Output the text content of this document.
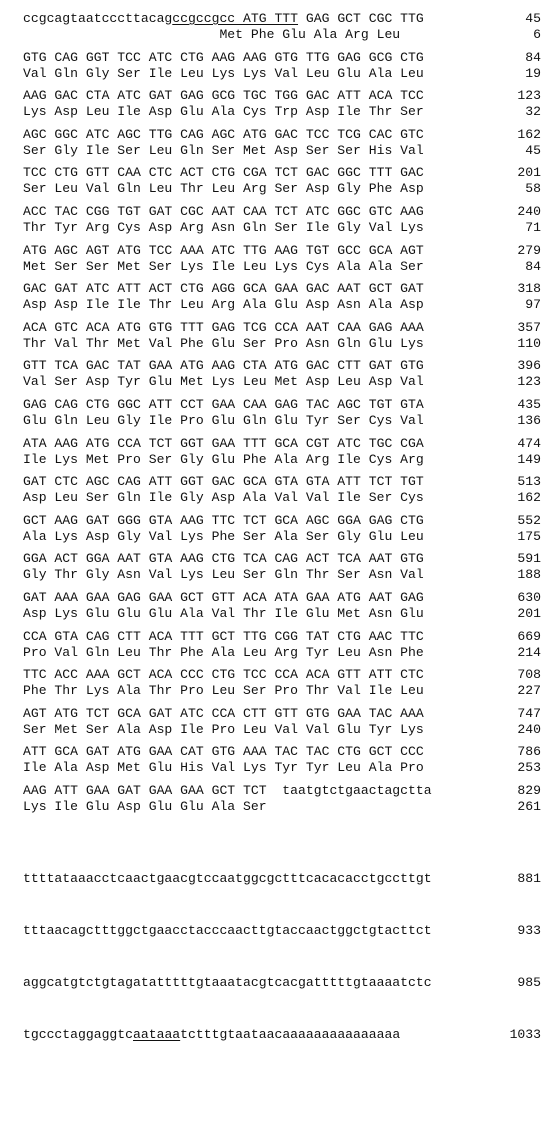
ccgcagtaatcccttacagccgccgcc ATG TTT GAG GCT CGC TTG	45
Met Phe Glu Ala Arg Leu	6
GTG CAG GGT TCC ATC CTG AAG AAG GTG TTG GAG GCG CTG	84
Val Gln Gly Ser Ile Leu Lys Lys Val Leu Glu Ala Leu	19
AAG GAC CTA ATC GAT GAG GCG TGC TGG GAC ATT ACA TCC	123
Lys Asp Leu Ile Asp Glu Ala Cys Trp Asp Ile Thr Ser	32
AGC GGC ATC AGC TTG CAG AGC ATG GAC TCC TCG CAC GTC	162
Ser Gly Ile Ser Leu Gln Ser Met Asp Ser Ser His Val	45
TCC CTG GTT CAA CTC ACT CTG CGA TCT GAC GGC TTT GAC	201
Ser Leu Val Gln Leu Thr Leu Arg Ser Asp Gly Phe Asp	58
ACC TAC CGG TGT GAT CGC AAT CAA TCT ATC GGC GTC AAG	240
Thr Tyr Arg Cys Asp Arg Asn Gln Ser Ile Gly Val Lys	71
ATG AGC AGT ATG TCC AAA ATC TTG AAG TGT GCC GCA AGT	279
Met Ser Ser Met Ser Lys Ile Leu Lys Cys Ala Ala Ser	84
GAC GAT ATC ATT ACT CTG AGG GCA GAA GAC AAT GCT GAT	318
Asp Asp Ile Ile Thr Leu Arg Ala Glu Asp Asn Ala Asp	97
ACA GTC ACA ATG GTG TTT GAG TCG CCA AAT CAA GAG AAA	357
Thr Val Thr Met Val Phe Glu Ser Pro Asn Gln Glu Lys	110
GTT TCA GAC TAT GAA ATG AAG CTA ATG GAC CTT GAT GTG	396
Val Ser Asp Tyr Glu Met Lys Leu Met Asp Leu Asp Val	123
GAG CAG CTG GGC ATT CCT GAA CAA GAG TAC AGC TGT GTA	435
Glu Gln Leu Gly Ile Pro Glu Gln Glu Tyr Ser Cys Val	136
ATA AAG ATG CCA TCT GGT GAA TTT GCA CGT ATC TGC CGA	474
Ile Lys Met Pro Ser Gly Glu Phe Ala Arg Ile Cys Arg	149
GAT CTC AGC CAG ATT GGT GAC GCA GTA GTA ATT TCT TGT	513
Asp Leu Ser Gln Ile Gly Asp Ala Val Val Ile Ser Cys	162
GCT AAG GAT GGG GTA AAG TTC TCT GCA AGC GGA GAG CTG	552
Ala Lys Asp Gly Val Lys Phe Ser Ala Ser Gly Glu Leu	175
GGA ACT GGA AAT GTA AAG CTG TCA CAG ACT TCA AAT GTG	591
Gly Thr Gly Asn Val Lys Leu Ser Gln Thr Ser Asn Val	188
GAT AAA GAA GAG GAA GCT GTT ACA ATA GAA ATG AAT GAG	630
Asp Lys Glu Glu Glu Ala Val Thr Ile Glu Met Asn Glu	201
CCA GTA CAG CTT ACA TTT GCT TTG CGG TAT CTG AAC TTC	669
Pro Val Gln Leu Thr Phe Ala Leu Arg Tyr Leu Asn Phe	214
TTC ACC AAA GCT ACA CCC CTG TCC CCA ACA GTT ATT CTC	708
Phe Thr Lys Ala Thr Pro Leu Ser Pro Thr Val Ile Leu	227
AGT ATG TCT GCA GAT ATC CCA CTT GTT GTG GAA TAC AAA	747
Ser Met Ser Ala Asp Ile Pro Leu Val Val Glu Tyr Lys	240
ATT GCA GAT ATG GAA CAT GTG AAA TAC TAC CTG GCT CCC	786
Ile Ala Asp Met Glu His Val Lys Tyr Tyr Leu Ala Pro	253
AAG ATT GAA GAT GAA GAA GCT TCT  taatgtctgaactagctta	829
Lys Ile Glu Asp Glu Glu Ala Ser	261
ttttataaacctcaactgaacgtccaatggcgctttcacacacctgccttgt	881
tttaacagctttggctgaacctacccaacttgtaccaactggctgtacttct	933
aggcatgtctgtagatatttttgtaaatacgtcacgatttttgtaaaatctc	985
tgccctaggaggtcaataaatctttgtaataacaaaaaaaaaaaaaaa	1033
